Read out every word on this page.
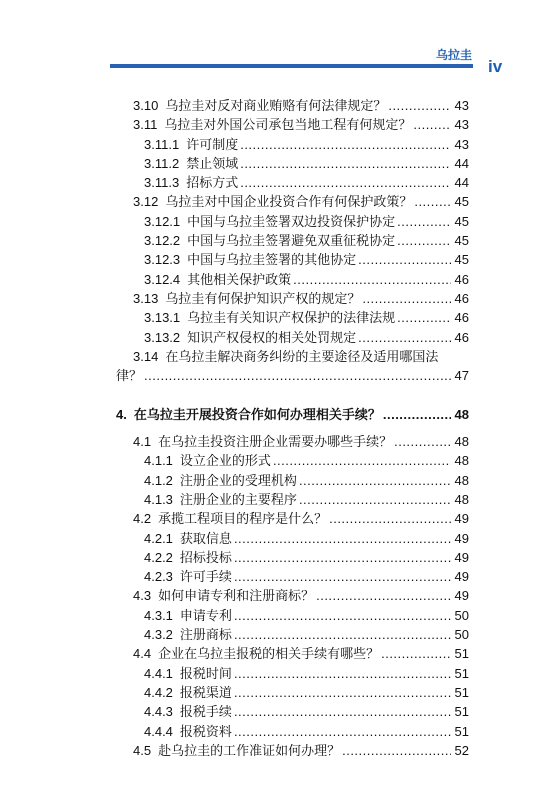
乌拉圭
iv
3.10 乌拉圭对反对商业贿赂有何法律规定？ .....	43
3.11 乌拉圭对外国公司承包当地工程有何规定？ .....	43
3.11.1 许可制度 .....	43
3.11.2 禁止领域 .....	44
3.11.3 招标方式 .....	44
3.12 乌拉圭对中国企业投资合作有何保护政策？ .....	45
3.12.1 中国与乌拉圭签署双边投资保护协定 .....	45
3.12.2 中国与乌拉圭签署避免双重征税协定 .....	45
3.12.3 中国与乌拉圭签署的其他协定 .....	45
3.12.4 其他相关保护政策 .....	46
3.13 乌拉圭有何保护知识产权的规定？ .....	46
3.13.1 乌拉圭有关知识产权保护的法律法规 .....	46
3.13.2 知识产权侵权的相关处罚规定 .....	46
3.14 在乌拉圭解决商务纠纷的主要途径及适用哪国法
律？ .....	47
4. 在乌拉圭开展投资合作如何办理相关手续？ .....	48
4.1 在乌拉圭投资注册企业需要办哪些手续？ .....	48
4.1.1 设立企业的形式 .....	48
4.1.2 注册企业的受理机构 .....	48
4.1.3 注册企业的主要程序 .....	48
4.2 承揽工程项目的程序是什么？ .....	49
4.2.1 获取信息 .....	49
4.2.2 招标投标 .....	49
4.2.3 许可手续 .....	49
4.3 如何申请专利和注册商标？ .....	49
4.3.1 申请专利 .....	50
4.3.2 注册商标 .....	50
4.4 企业在乌拉圭报税的相关手续有哪些？ .....	51
4.4.1 报税时间 .....	51
4.4.2 报税渠道 .....	51
4.4.3 报税手续 .....	51
4.4.4 报税资料 .....	51
4.5 赴乌拉圭的工作准证如何办理？ .....	52
